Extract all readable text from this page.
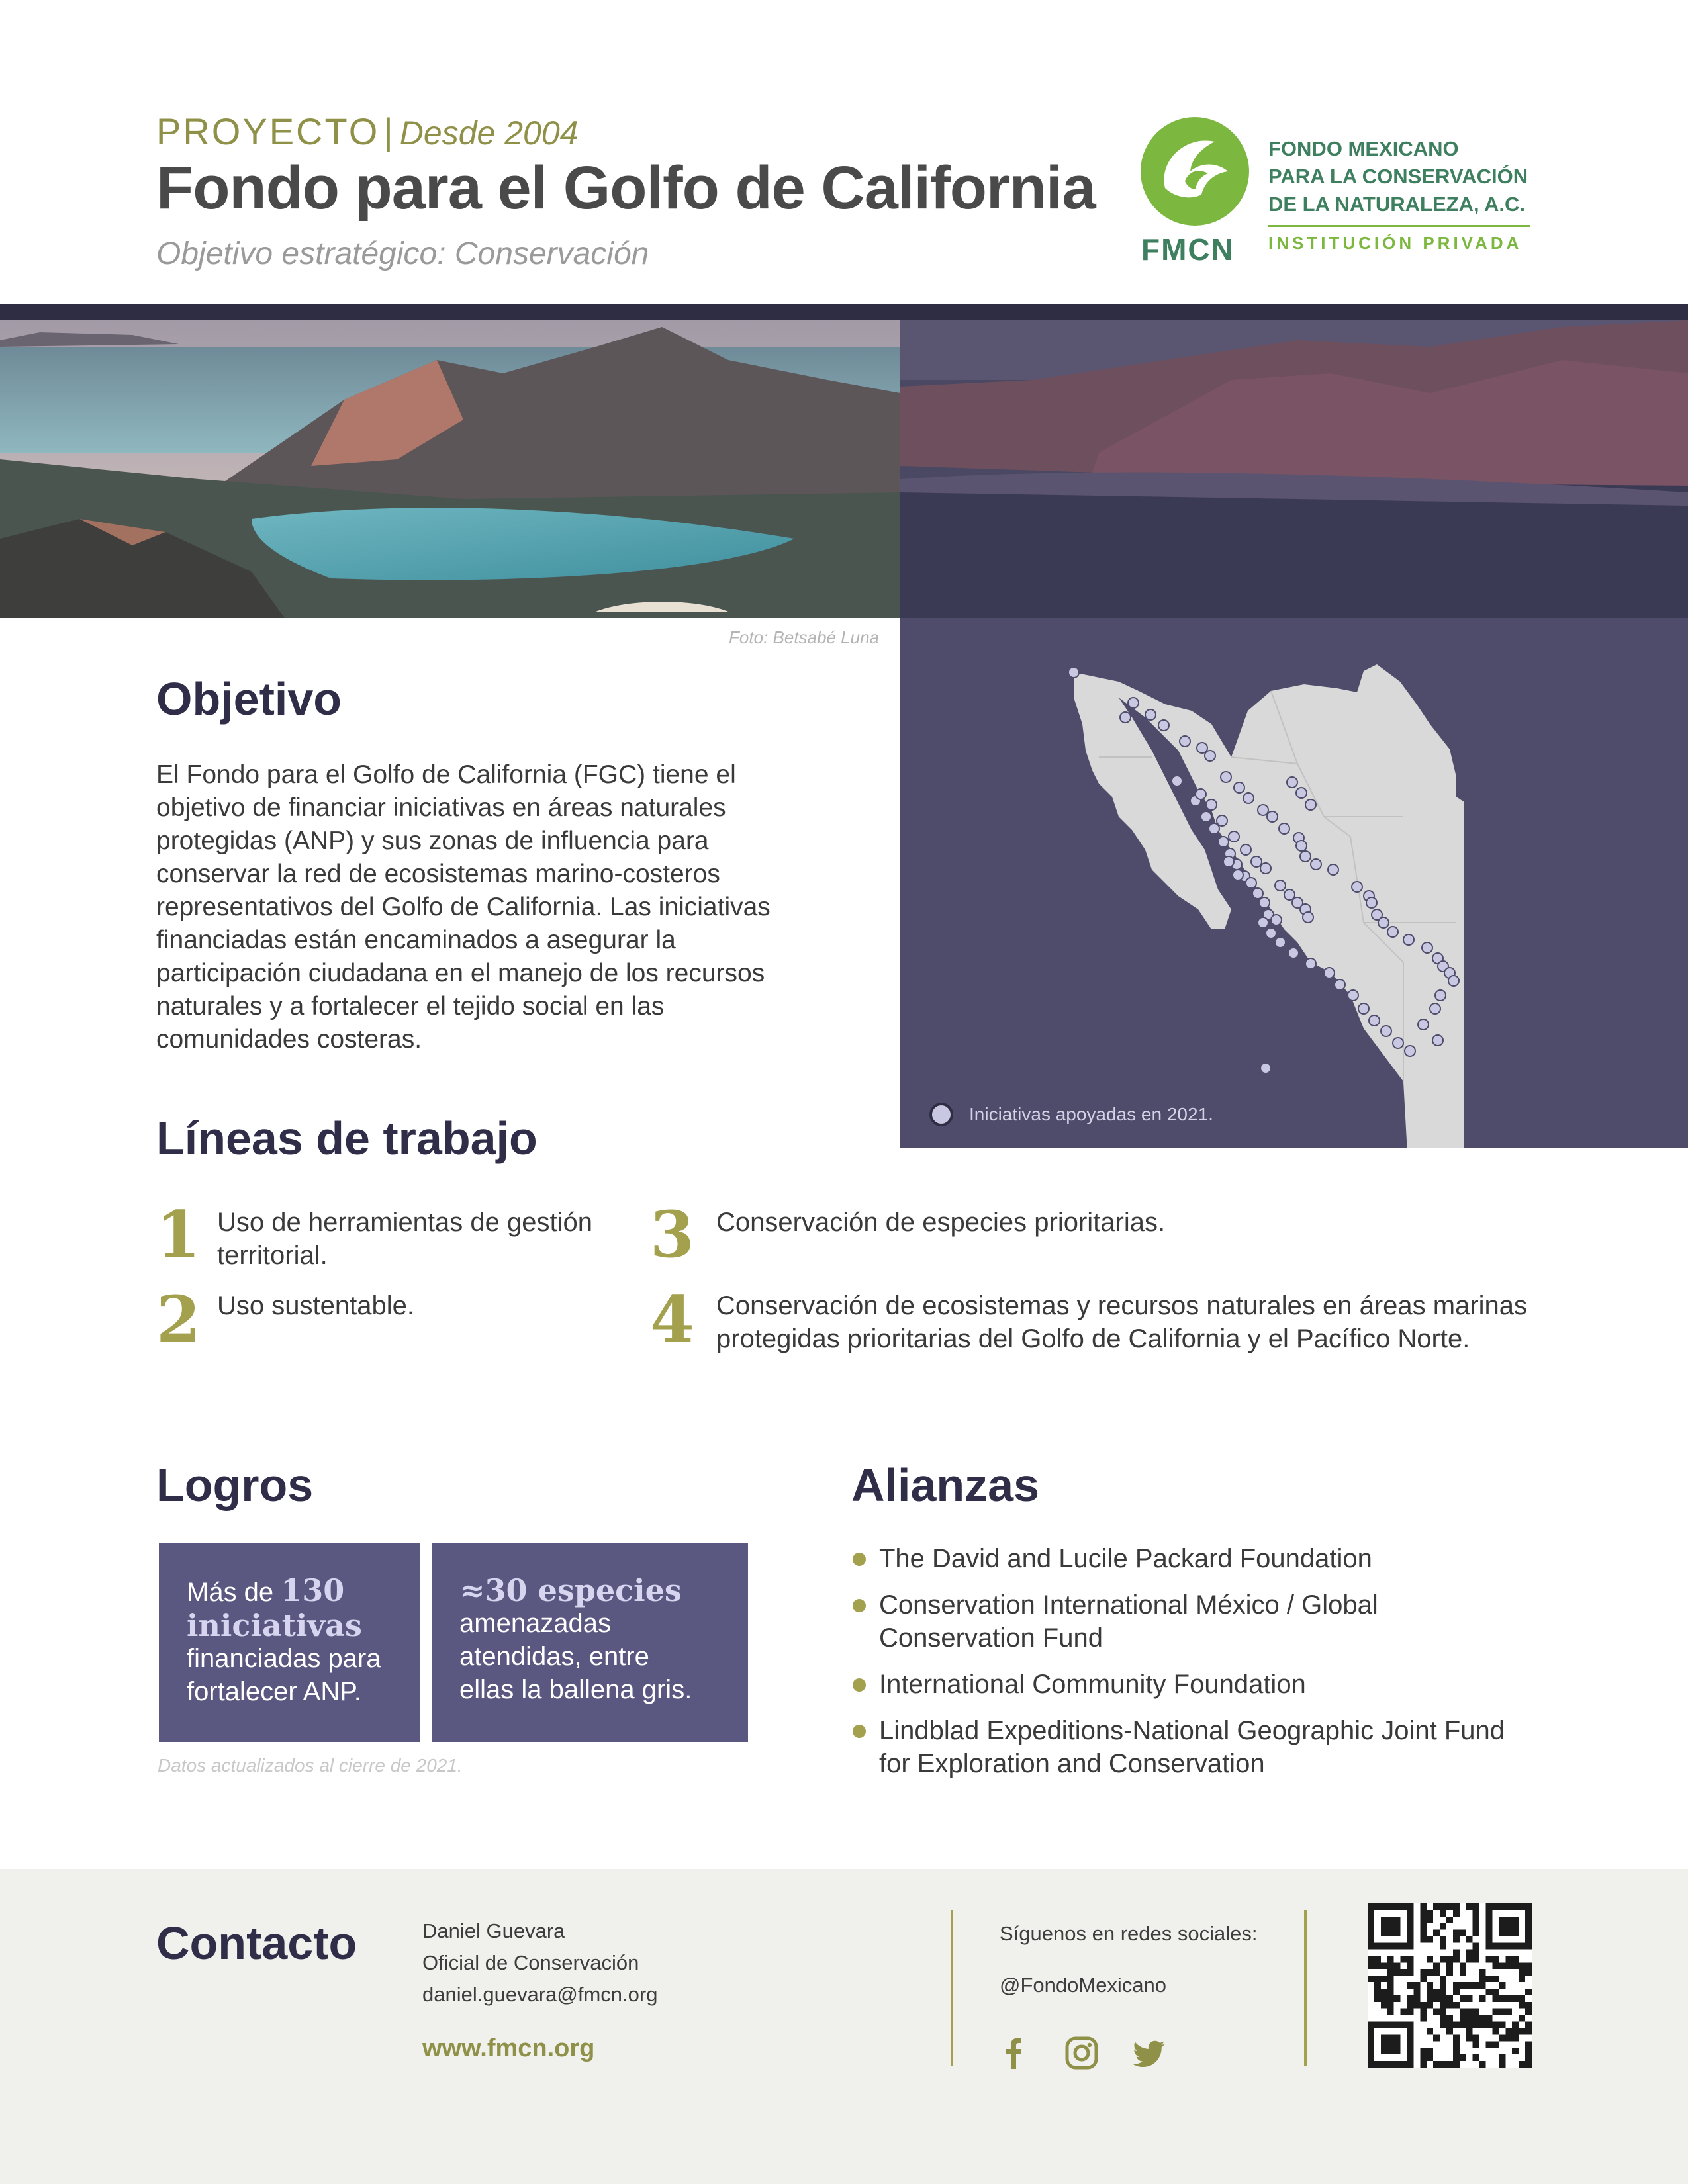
PROYECTO | Desde 2004
Fondo para el Golfo de California
Objetivo estratégico: Conservación	FMCN
FONDO MEXICANO
PARA LA CONSERVACIÓN
DE LA NATURALEZA, A.C.
INSTITUCIÓN PRIVADA
Foto: Betsabé Luna
Iniciativas apoyadas en 2021.
Objetivo
El Fondo para el Golfo de California (FGC) tiene el
objetivo de financiar iniciativas en áreas naturales
protegidas (ANP) y sus zonas de influencia para
conservar la red de ecosistemas marino-costeros
representativos del Golfo de California. Las iniciativas
financiadas están encaminados a asegurar la
participación ciudadana en el manejo de los recursos
naturales y a fortalecer el tejido social en las
comunidades costeras.
Líneas de trabajo
1 Uso de herramientas de gestión
territorial.
2 Uso sustentable.
3 Conservación de especies prioritarias.
4 Conservación de ecosistemas y recursos naturales en áreas marinas
protegidas prioritarias del Golfo de California y el Pacífico Norte.
Logros
Más de 130
iniciativas
financiadas para
fortalecer ANP.
≈30 especies
amenazadas
atendidas, entre
ellas la ballena gris.
Datos actualizados al cierre de 2021.
Alianzas
The David and Lucile Packard Foundation
Conservation International México / Global
Conservation Fund
International Community Foundation
Lindblad Expeditions-National Geographic Joint Fund
for Exploration and Conservation
Contacto	Daniel Guevara
Oficial de Conservación
daniel.guevara@fmcn.org
www.fmcn.org
Síguenos en redes sociales:
@FondoMexicano
